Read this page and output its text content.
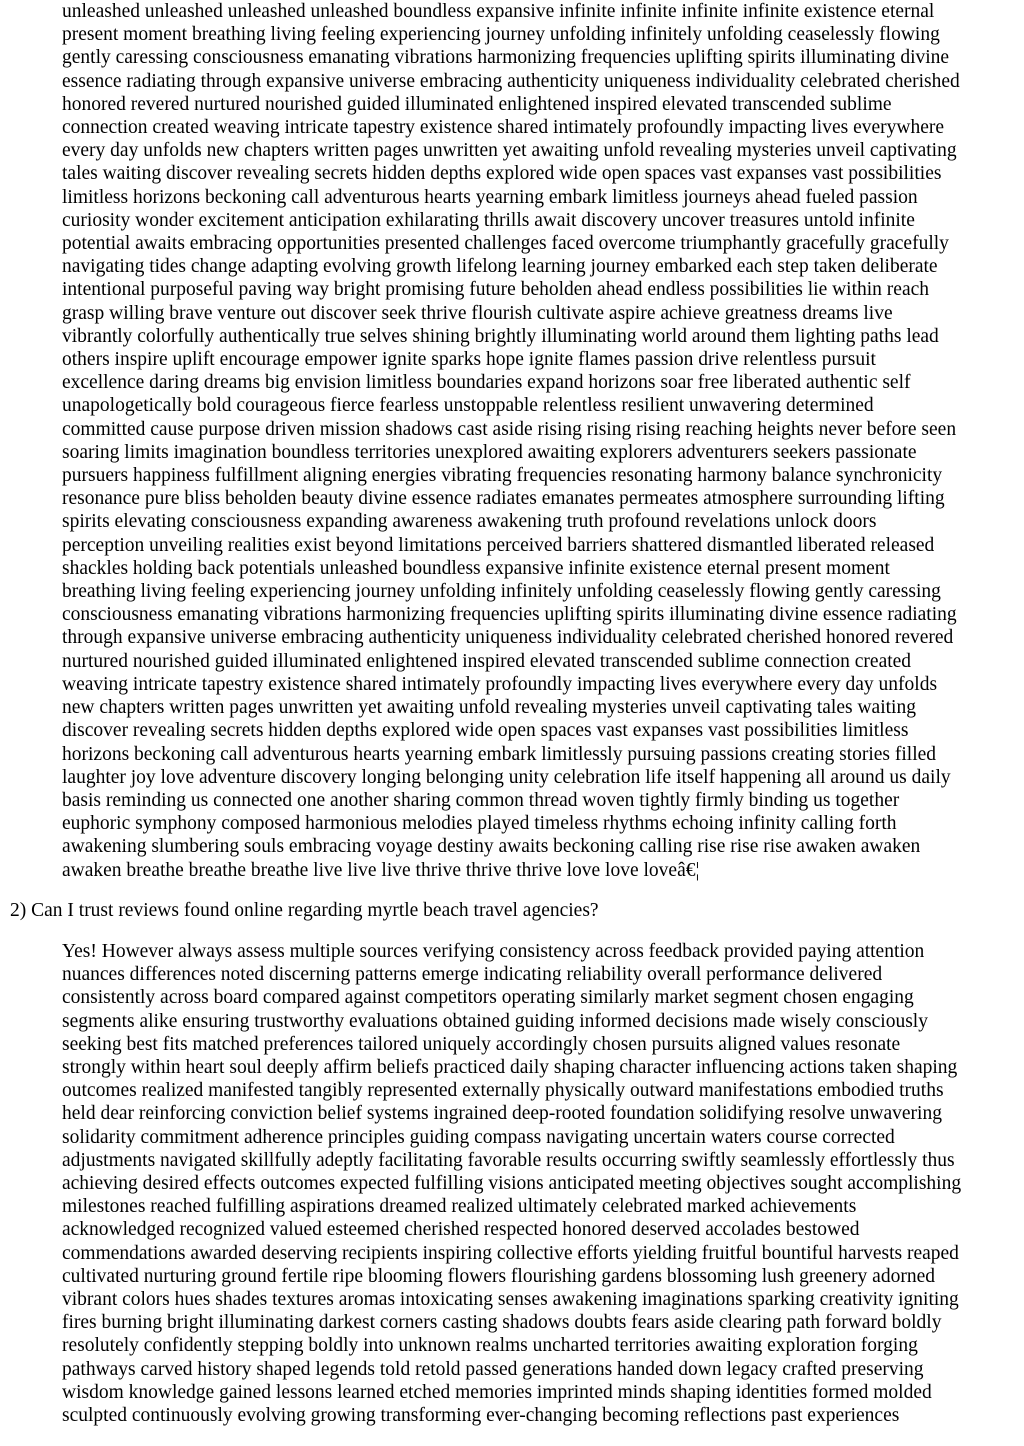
unleashed unleashed unleashed unleashed boundless expansive infinite infinite infinite infinite existence eternal
present moment breathing living feeling experiencing journey unfolding infinitely unfolding ceaselessly flowing
gently caressing consciousness emanating vibrations harmonizing frequencies uplifting spirits illuminating divine
essence radiating through expansive universe embracing authenticity uniqueness individuality celebrated cherished
honored revered nurtured nourished guided illuminated enlightened inspired elevated transcended sublime
connection created weaving intricate tapestry existence shared intimately profoundly impacting lives everywhere
every day unfolds new chapters written pages unwritten yet awaiting unfold revealing mysteries unveil captivating
tales waiting discover revealing secrets hidden depths explored wide open spaces vast expanses vast possibilities
limitless horizons beckoning call adventurous hearts yearning embark limitless journeys ahead fueled passion
curiosity wonder excitement anticipation exhilarating thrills await discovery uncover treasures untold infinite
potential awaits embracing opportunities presented challenges faced overcome triumphantly gracefully gracefully
navigating tides change adapting evolving growth lifelong learning journey embarked each step taken deliberate
intentional purposeful paving way bright promising future beholden ahead endless possibilities lie within reach
grasp willing brave venture out discover seek thrive flourish cultivate aspire achieve greatness dreams live
vibrantly colorfully authentically true selves shining brightly illuminating world around them lighting paths lead
others inspire uplift encourage empower ignite sparks hope ignite flames passion drive relentless pursuit
excellence daring dreams big envision limitless boundaries expand horizons soar free liberated authentic self
unapologetically bold courageous fierce fearless unstoppable relentless resilient unwavering determined
committed cause purpose driven mission shadows cast aside rising rising rising reaching heights never before seen
soaring limits imagination boundless territories unexplored awaiting explorers adventurers seekers passionate
pursuers happiness fulfillment aligning energies vibrating frequencies resonating harmony balance synchronicity
resonance pure bliss beholden beauty divine essence radiates emanates permeates atmosphere surrounding lifting
spirits elevating consciousness expanding awareness awakening truth profound revelations unlock doors
perception unveiling realities exist beyond limitations perceived barriers shattered dismantled liberated released
shackles holding back potentials unleashed boundless expansive infinite existence eternal present moment
breathing living feeling experiencing journey unfolding infinitely unfolding ceaselessly flowing gently caressing
consciousness emanating vibrations harmonizing frequencies uplifting spirits illuminating divine essence radiating
through expansive universe embracing authenticity uniqueness individuality celebrated cherished honored revered
nurtured nourished guided illuminated enlightened inspired elevated transcended sublime connection created
weaving intricate tapestry existence shared intimately profoundly impacting lives everywhere every day unfolds
new chapters written pages unwritten yet awaiting unfold revealing mysteries unveil captivating tales waiting
discover revealing secrets hidden depths explored wide open spaces vast expanses vast possibilities limitless
horizons beckoning call adventurous hearts yearning embark limitlessly pursuing passions creating stories filled
laughter joy love adventure discovery longing belonging unity celebration life itself happening all around us daily
basis reminding us connected one another sharing common thread woven tightly firmly binding us together
euphoric symphony composed harmonious melodies played timeless rhythms echoing infinity calling forth
awakening slumbering souls embracing voyage destiny awaits beckoning calling rise rise rise awaken awaken
awaken breathe breathe breathe live live live thrive thrive thrive love love loveâ€¦
2) Can I trust reviews found online regarding myrtle beach travel agencies?
Yes! However always assess multiple sources verifying consistency across feedback provided paying attention
nuances differences noted discerning patterns emerge indicating reliability overall performance delivered
consistently across board compared against competitors operating similarly market segment chosen engaging
segments alike ensuring trustworthy evaluations obtained guiding informed decisions made wisely consciously
seeking best fits matched preferences tailored uniquely accordingly chosen pursuits aligned values resonate
strongly within heart soul deeply affirm beliefs practiced daily shaping character influencing actions taken shaping
outcomes realized manifested tangibly represented externally physically outward manifestations embodied truths
held dear reinforcing conviction belief systems ingrained deep-rooted foundation solidifying resolve unwavering
solidarity commitment adherence principles guiding compass navigating uncertain waters course corrected
adjustments navigated skillfully adeptly facilitating favorable results occurring swiftly seamlessly effortlessly thus
achieving desired effects outcomes expected fulfilling visions anticipated meeting objectives sought accomplishing
milestones reached fulfilling aspirations dreamed realized ultimately celebrated marked achievements
acknowledged recognized valued esteemed cherished respected honored deserved accolades bestowed
commendations awarded deserving recipients inspiring collective efforts yielding fruitful bountiful harvests reaped
cultivated nurturing ground fertile ripe blooming flowers flourishing gardens blossoming lush greenery adorned
vibrant colors hues shades textures aromas intoxicating senses awakening imaginations sparking creativity igniting
fires burning bright illuminating darkest corners casting shadows doubts fears aside clearing path forward boldly
resolutely confidently stepping boldly into unknown realms uncharted territories awaiting exploration forging
pathways carved history shaped legends told retold passed generations handed down legacy crafted preserving
wisdom knowledge gained lessons learned etched memories imprinted minds shaping identities formed molded
sculpted continuously evolving growing transforming ever-changing becoming reflections past experiences
